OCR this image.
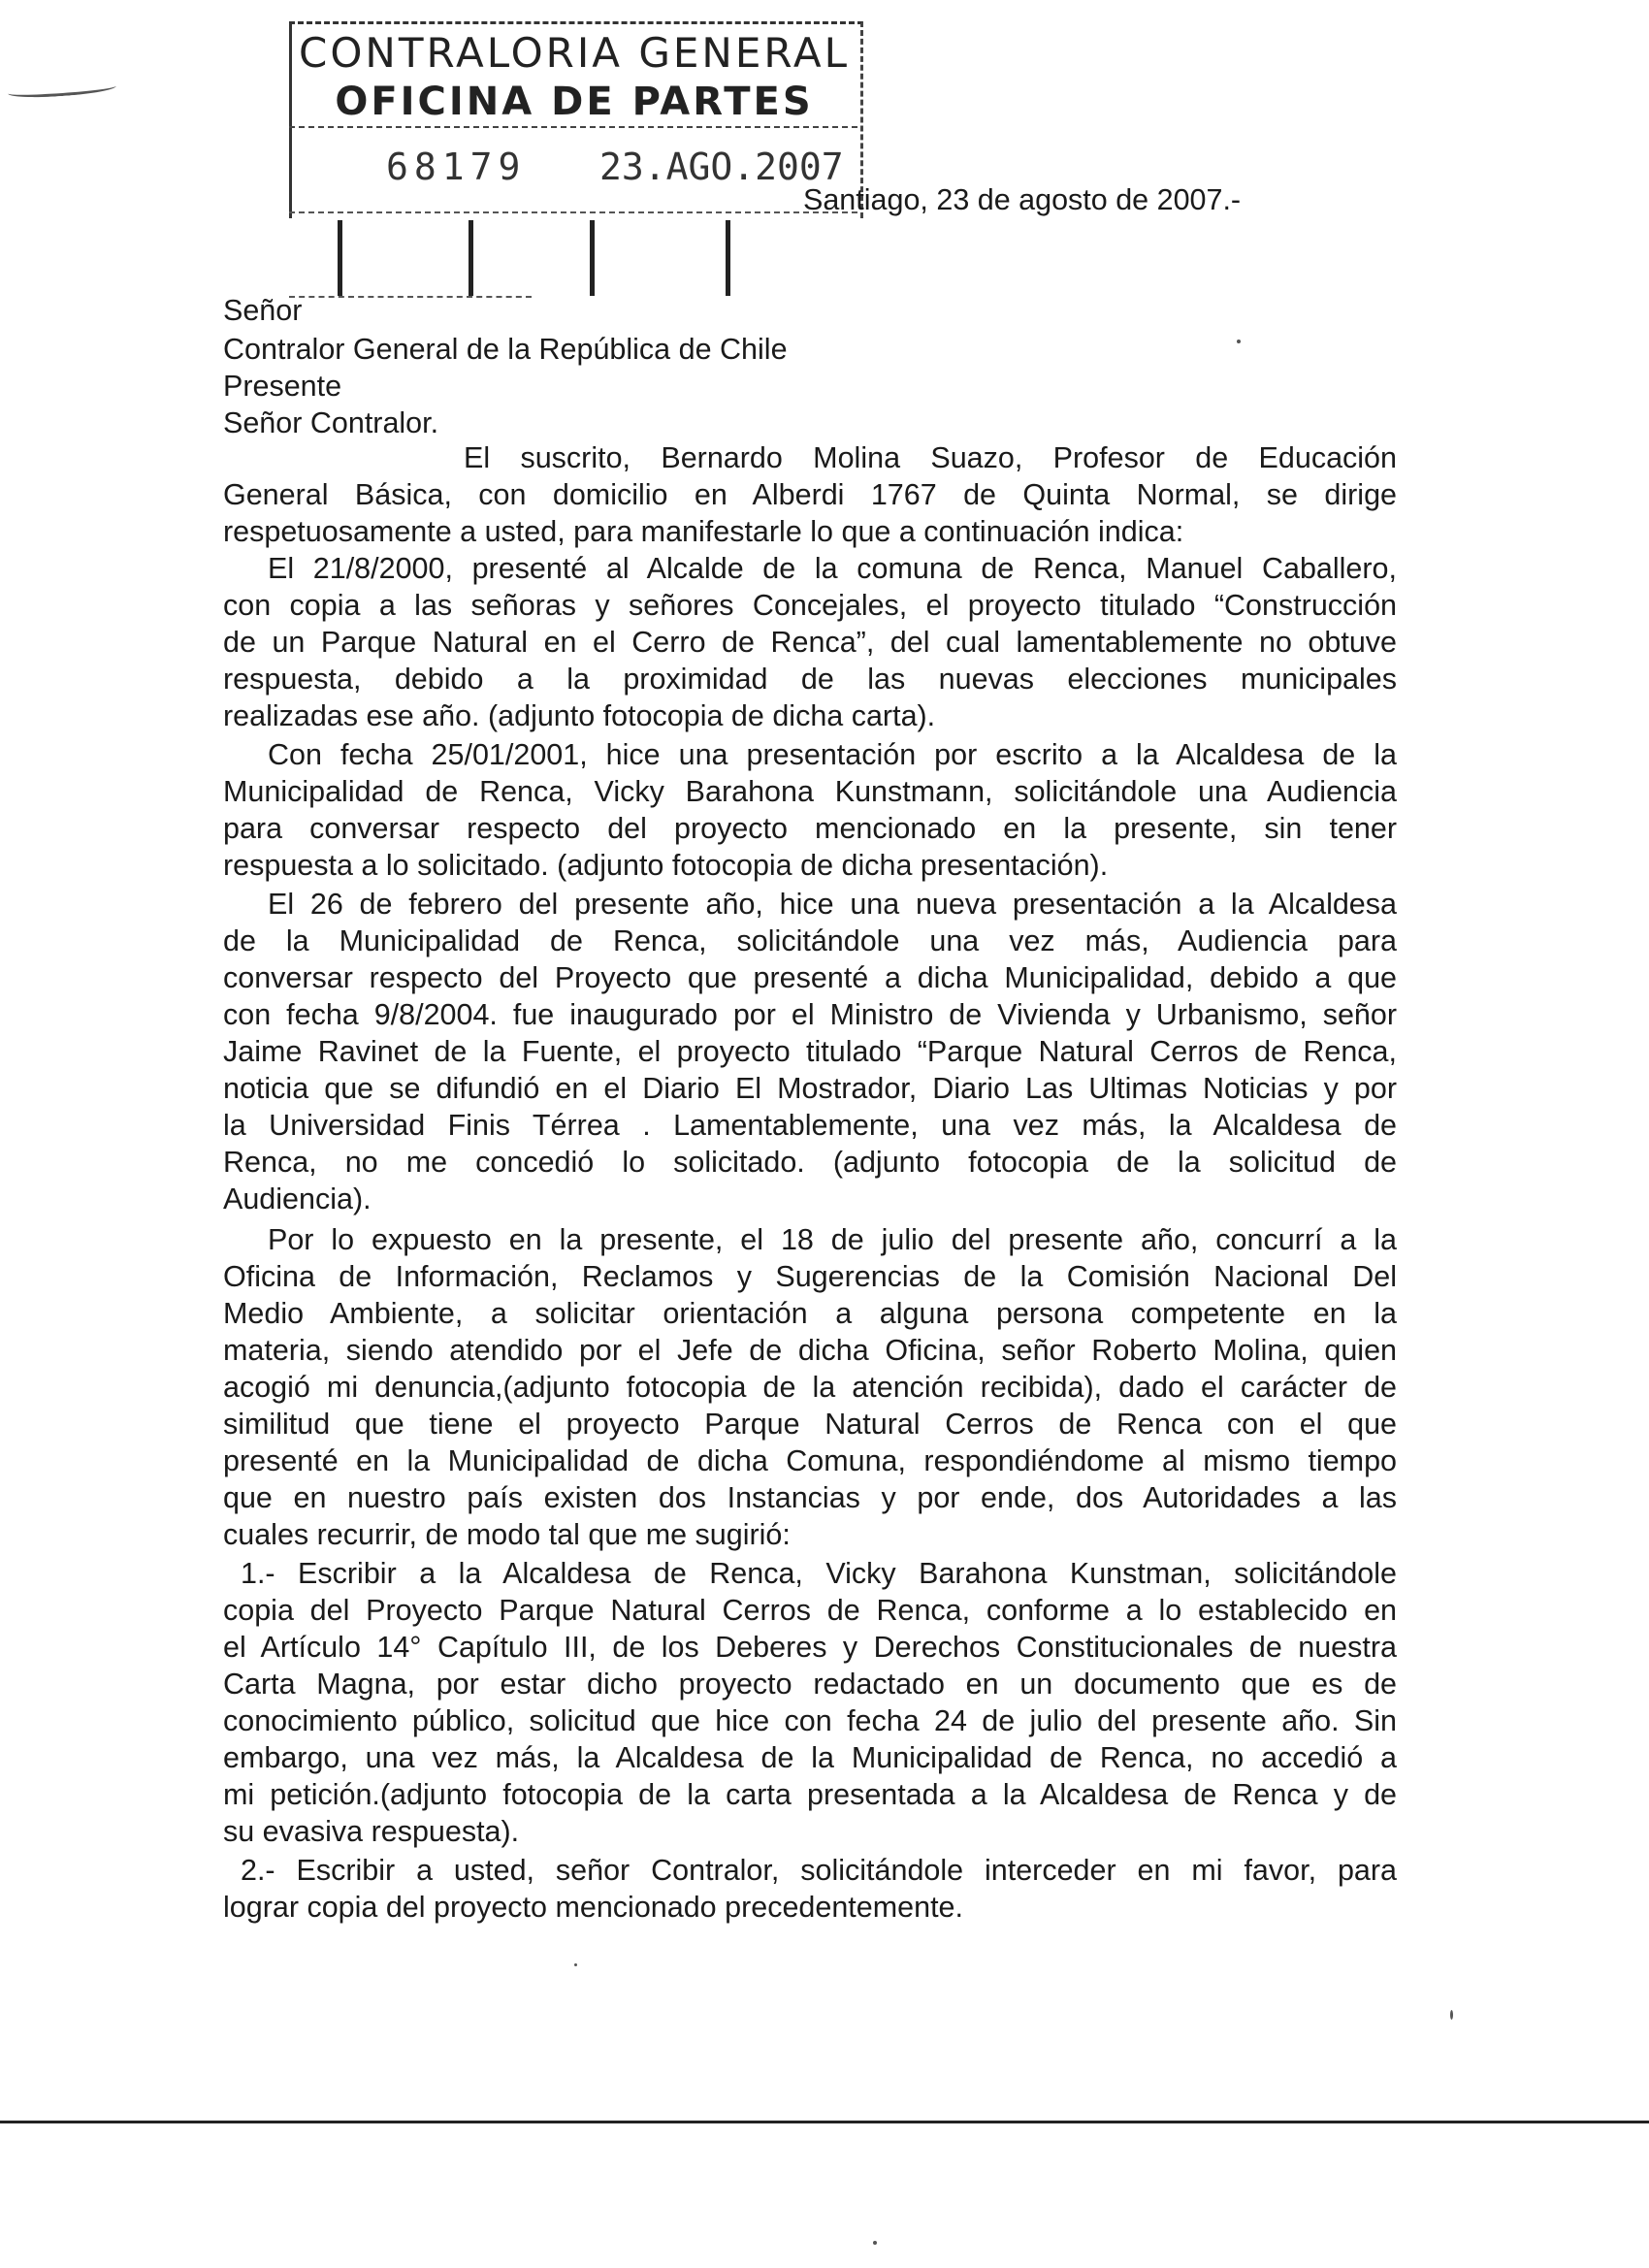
CONTRALORIA GENERAL
OFICINA DE PARTES
68179 23.AGO.2007
Santiago, 23 de agosto de 2007.-
Señor
Contralor General de la República de Chile
Presente
Señor Contralor.
El suscrito, Bernardo Molina Suazo, Profesor de Educación
General Básica, con domicilio en Alberdi 1767 de Quinta Normal, se dirige
respetuosamente a usted, para manifestarle lo que a continuación indica:
El 21/8/2000, presenté al Alcalde de la comuna de Renca, Manuel Caballero,
con copia a las señoras y señores Concejales, el proyecto titulado “Construcción
de un Parque Natural en el Cerro de Renca”, del cual lamentablemente no obtuve
respuesta, debido a la proximidad de las nuevas elecciones municipales
realizadas ese año. (adjunto fotocopia de dicha carta).
Con fecha 25/01/2001, hice una presentación por escrito a la Alcaldesa de la
Municipalidad de Renca, Vicky Barahona Kunstmann, solicitándole una Audiencia
para conversar respecto del proyecto mencionado en la presente, sin tener
respuesta a lo solicitado. (adjunto fotocopia de dicha presentación).
El 26 de febrero del presente año, hice una nueva presentación a la Alcaldesa
de la Municipalidad de Renca, solicitándole una vez más, Audiencia para
conversar respecto del Proyecto que presenté a dicha Municipalidad, debido a que
con fecha 9/8/2004. fue inaugurado por el Ministro de Vivienda y Urbanismo, señor
Jaime Ravinet de la Fuente, el proyecto titulado “Parque Natural Cerros de Renca,
noticia que se difundió en el Diario El Mostrador, Diario Las Ultimas Noticias y por
la Universidad Finis Térrea . Lamentablemente, una vez más, la Alcaldesa de
Renca, no me concedió lo solicitado. (adjunto fotocopia de la solicitud de
Audiencia).
Por lo expuesto en la presente, el 18 de julio del presente año, concurrí a la
Oficina de Información, Reclamos y Sugerencias de la Comisión Nacional Del
Medio Ambiente, a solicitar orientación a alguna persona competente en la
materia, siendo atendido por el Jefe de dicha Oficina, señor Roberto Molina, quien
acogió mi denuncia,(adjunto fotocopia de la atención recibida), dado el carácter de
similitud que tiene el proyecto Parque Natural Cerros de Renca con el que
presenté en la Municipalidad de dicha Comuna, respondiéndome al mismo tiempo
que en nuestro país existen dos Instancias y por ende, dos Autoridades a las
cuales recurrir, de modo tal que me sugirió:
1.- Escribir a la Alcaldesa de Renca, Vicky Barahona Kunstman, solicitándole
copia del Proyecto Parque Natural Cerros de Renca, conforme a lo establecido en
el Artículo 14° Capítulo III, de los Deberes y Derechos Constitucionales de nuestra
Carta Magna, por estar dicho proyecto redactado en un documento que es de
conocimiento público, solicitud que hice con fecha 24 de julio del presente año. Sin
embargo, una vez más, la Alcaldesa de la Municipalidad de Renca, no accedió a
mi petición.(adjunto fotocopia de la carta presentada a la Alcaldesa de Renca y de
su evasiva respuesta).
2.- Escribir a usted, señor Contralor, solicitándole interceder en mi favor, para
lograr copia del proyecto mencionado precedentemente.
